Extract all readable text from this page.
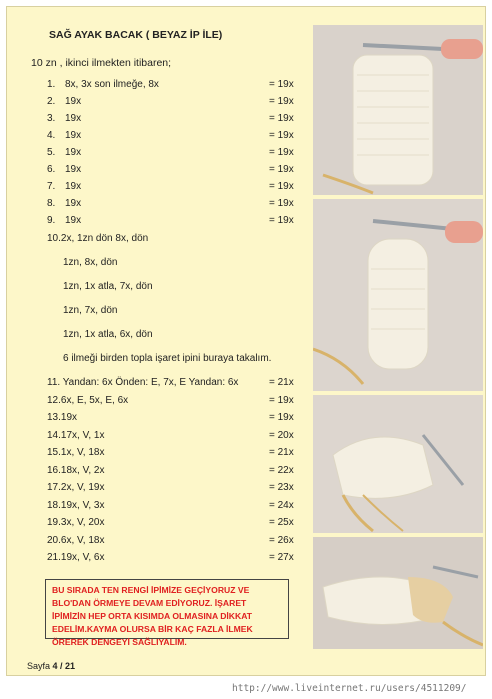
SAĞ AYAK BACAK ( BEYAZ İP İLE)
10 zn , ikinci ilmekten itibaren;
1. 8x, 3x son ilmeğe, 8x	= 19x
2. 19x	= 19x
3. 19x	= 19x
4. 19x	= 19x
5. 19x	= 19x
6. 19x	= 19x
7. 19x	= 19x
8. 19x	= 19x
9. 19x	= 19x
10.2x, 1zn dön 8x, dön
1zn, 8x, dön
1zn, 1x atla, 7x, dön
1zn, 7x, dön
1zn, 1x atla, 6x, dön
6 ilmeği birden topla işaret ipini buraya takalım.
11. Yandan: 6x Önden: E, 7x, E Yandan: 6x	= 21x
12.6x, E, 5x, E, 6x	= 19x
13.19x	= 19x
14.17x, V, 1x	= 20x
15.1x, V, 18x	= 21x
16.18x, V, 2x	= 22x
17.2x, V, 19x	= 23x
18.19x, V, 3x	= 24x
19.3x, V, 20x	= 25x
20.6x, V, 18x	= 26x
21.19x, V, 6x	= 27x
BU SIRADA TEN RENGİ İPİMİZE GEÇİYORUZ VE BLO'DAN ÖRMEYE DEVAM EDİYORUZ. İŞARET İPİMİZİN HEP ORTA KISIMDA OLMASINA DİKKAT EDELİM.KAYMA OLURSA BİR KAÇ FAZLA İLMEK ÖREREK DENGEYİ SAĞLIYALIM.
Sayfa 4 / 21
http://www.liveinternet.ru/users/4511209/
